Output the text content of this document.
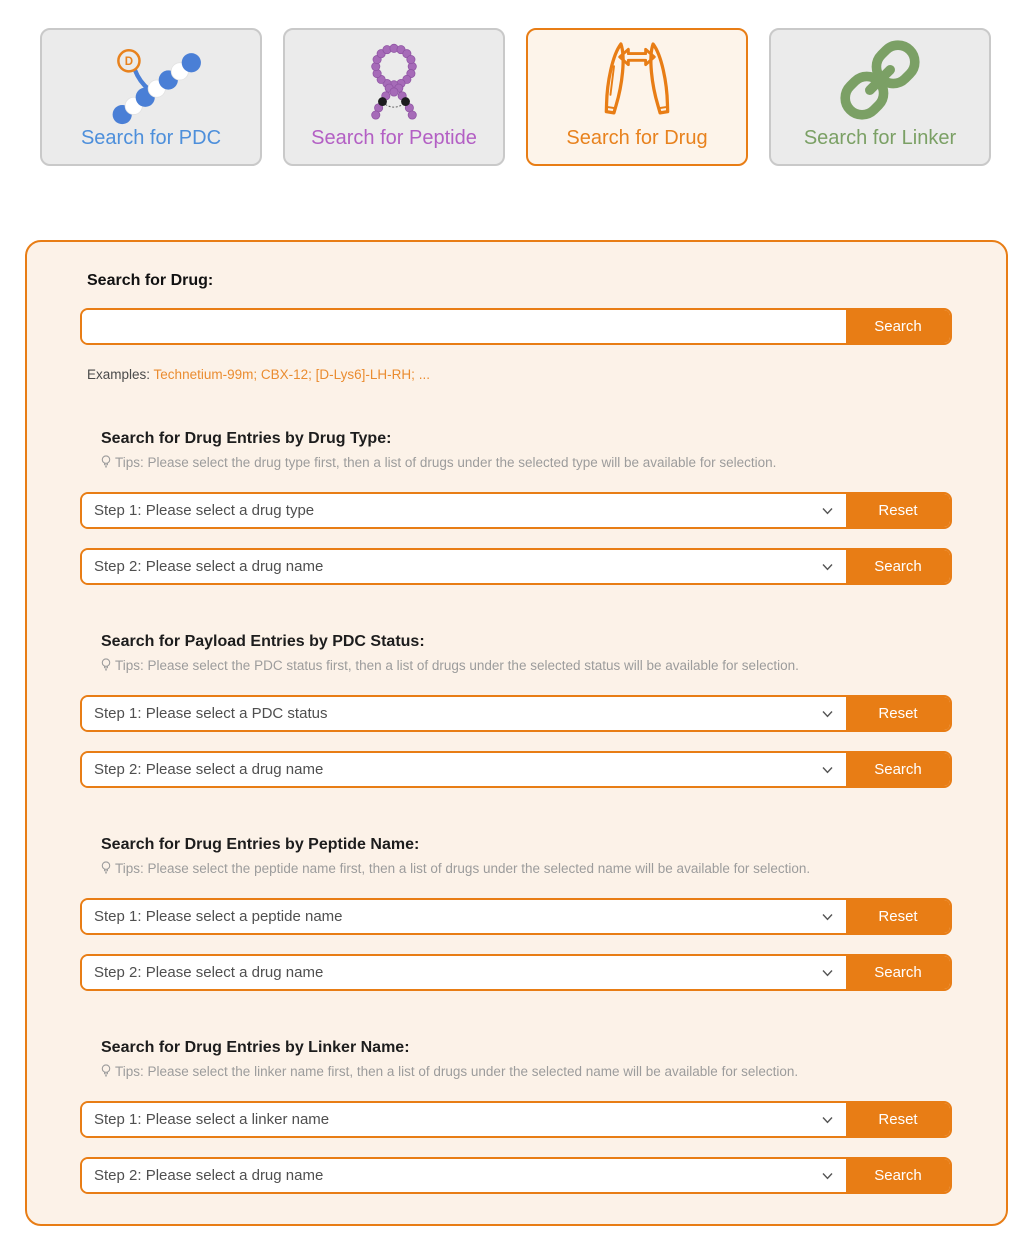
D
Search for PDC	Search for Peptide	Search for Drug	Search for Linker
Search for Drug:
Search
Examples: Technetium-99m; CBX-12; [D-Lys6]-LH-RH; ...
Search for Drug Entries by Drug Type:
Tips: Please select the drug type first, then a list of drugs under the selected type will be available for selection.
Step 1: Please select a drug type
Reset
Step 2: Please select a drug name
Search
Search for Payload Entries by PDC Status:
Tips: Please select the PDC status first, then a list of drugs under the selected status will be available for selection.
Step 1: Please select a PDC status
Reset
Step 2: Please select a drug name
Search
Search for Drug Entries by Peptide Name:
Tips: Please select the peptide name first, then a list of drugs under the selected name will be available for selection.
Step 1: Please select a peptide name
Reset
Step 2: Please select a drug name
Search
Search for Drug Entries by Linker Name:
Tips: Please select the linker name first, then a list of drugs under the selected name will be available for selection.
Step 1: Please select a linker name
Reset
Step 2: Please select a drug name
Search
